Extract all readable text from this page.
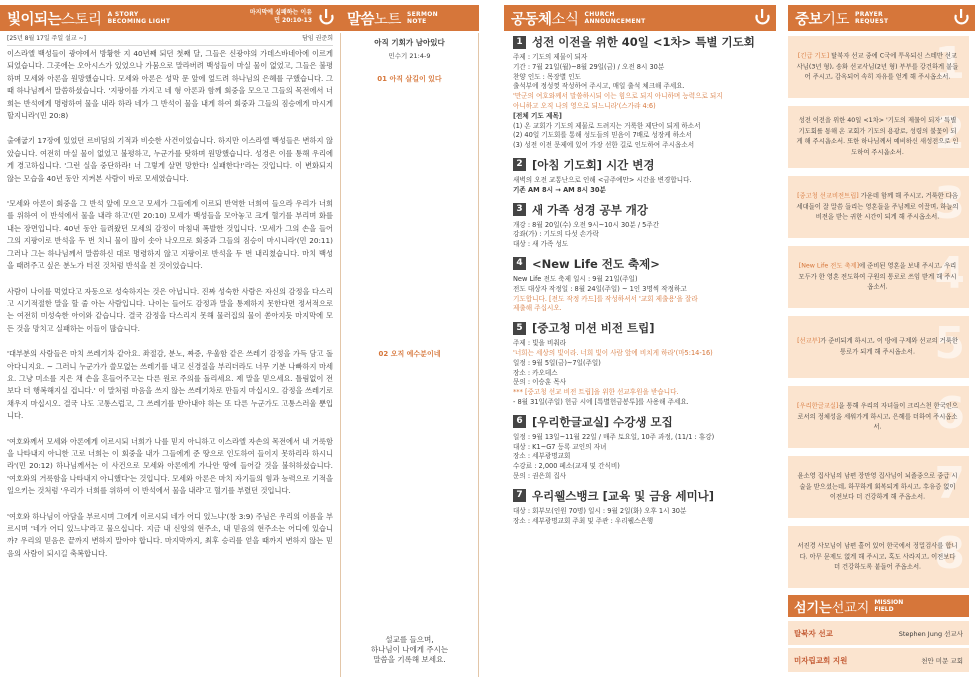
빛이되는스토리 A STORY
BECOMING LIGHT
마지막에 실패하는 이유
민 20:10-13
[25년 8월 17일 주일 설교 ~]	담임 권준희

이스라엘 백성들이 광야에서 방황한 지 40년째 되던 첫째 달, 그들은 신광야의 가데스바네아에 이르게 되었습니다. 그곳에는 오아시스가 있었으나 가뭄으로 말라버려 백성들이 마실 물이 없었고, 그들은 불평하며 모세와 아론을 원망했습니다. 모세와 아론은 성막 문 앞에 엎드려 하나님의 은혜를 구했습니다. 그때 하나님께서 말씀하셨습니다. '지팡이를 가지고 네 형 아론과 함께 회중을 모으고 그들의 목전에서 너희는 반석에게 명령하여 물을 내라 하라 네가 그 반석이 물을 내게 하여 회중과 그들의 짐승에게 마시게 할지니라'(민 20:8)

출애굽기 17장에 있었던 르비딤의 기적과 비슷한 사건이었습니다. 하지만 이스라엘 백성들은 변하지 않았습니다. 여전히 마실 물이 없었고 불평하고, 누군가를 탓하며 원망했습니다. 성경은 이를 통해 우리에게 경고하십니다. '그런 실을 중단하라! 너 그렇게 살면 망한다! 실패한다!'라는 것입니다. 이 변화되지 않는 모습을 40년 동안 지켜본 사람이 바로 모세였습니다.

'모세와 아론이 회중을 그 반석 앞에 모으고 모세가 그들에게 이르되 반역한 너희여 들으라 우리가 너희를 위하여 이 반석에서 물을 내랴 하고'(민 20:10) 모세가 백성들을 모아놓고 크게 혈기를 부리며 화를 내는 장면입니다. 40년 동안 들려왔던 모세의 감정이 마침내 폭발한 것입니다. '모세가 그의 손을 들어 그의 지팡이로 반석을 두 번 치니 물이 많이 솟아 나오므로 회중과 그들의 짐승이 마시니라'(민 20:11) 그러나 그는 하나님께서 말씀하신 대로 명령하지 않고 지팡이로 반석을 두 번 내리쳤습니다. 마치 백성을 때려주고 싶은 분노가 터진 것처럼 반석을 친 것이었습니다.

사람이 나이를 먹었다고 자동으로 성숙하지는 것은 아닙니다. 진짜 성숙한 사람은 자신의 감정을 다스리고 시기적절한 말을 할 줄 아는 사람입니다. 나이는 들어도 감정과 말을 통제하지 못한다면 정서적으로는 여전히 미성숙한 아이와 같습니다. 결국 감정을 다스리지 못해 물러집의 물이 쏟아지듯 마지막에 모든 것을 망치고 실패하는 이들이 많습니다.

'대부분의 사람들은 마치 쓰레기차 같아요. 좌절감, 분노, 짜증, 우울함 같은 쓰레기 감정을 가득 담고 돌아다니지요. ~ 그러니 누군가가 쓸모없는 쓰레기를 내고 신경질을 부리더라도 너무 기분 나빠하지 마세요. 그냥 미소를 지은 채 손을 흔들어주고는 다른 원로 주의를 돌리세요. 제 말을 믿으세요. 틀림없이 전보다 더 행복해지실 겁니다.' 이 말처럼 마음을 쓰지 않는 쓰레기차로 만들지 마십시오. 감정을 쓰레기로 채우지 마십시오. 결국 나도 고통스럽고, 그 쓰레기를 받아내야 하는 또 다른 누군가도 고통스러울 뿐입니다.

'여호와께서 모세와 아론에게 이르시되 너희가 나를 믿지 아니하고 이스라엘 자손의 목전에서 내 거룩함을 나타내지 아니한 고로 너희는 이 회중을 내가 그들에게 준 땅으로 인도하여 들이지 못하리라 하시니라'(민 20:12) 하나님께서는 이 사건으로 모세와 아론에게 가나안 땅에 들어갈 것을 불허하셨습니다. '여호와의 거룩함을 나타내지 아니했다'는 것입니다. 모세와 아론은 마치 자기들의 힘과 능력으로 기적을 일으키는 것처럼 '우리가 너희를 위하여 이 반석에서 물을 내랴'고 혈기를 부렸던 것입니다.

'여호와 하나님이 아담을 부르시며 그에게 이르시되 네가 어디 있느냐'(창 3:9) 주님은 우리의 이름을 부르시며 '네가 어디 있느냐'라고 물으십니다. 지금 내 신앙의 현주소, 내 믿음의 현주소는 어디에 있습니까? 우리의 믿음은 끝까지 변하지 말아야 합니다. 마지막까지, 최후 승리를 얻을 때까지 변하지 않는 믿음의 사람이 되시길 축복합니다.

말씀노트 SERMON
NOTE
아직 기회가 남아있다
민수기 21:4-9
01 아직 살길이 있다
02 오직 예수분이네
설교를 들으며,
하나님이 나에게 주시는
말씀을 기록해 보세요.
공동체소식 CHURCH
ANNOUNCEMENT
1 성전 이전을 위한 40일 <1차> 특별 기도회
주제 : 기도의 제물이 되자
기간 : 7월 21일(월)~8월 29일(금) / 오전 8시 30분
찬양 인도 : 목장별 인도
출석부에 정성껏 작성하여 주시고, 매일 출석 체크해 주세요.
'만군의 여호와께서 말씀하시되 이는 힘으로 되지 아니하며 능력으로 되지
아니하고 오직 나의 영으로 되느니라'(스가랴 4:6)
[전체 기도 제목]
(1) 온 교회가 기도의 제물로 드려지는 거룩한 제단이 되게 하소서
(2) 40일 기도회를 통해 성도들의 믿음이 7배로 성장케 하소서
(3) 성전 이전 문제에 있어 가장 선한 길로 인도하여 주시옵소서
2 [아침 기도회] 시간 변경
새벽의 오전 교통난으로 인해 <금주예만> 시간을 변경합니다.
기존 AM 8시 → AM 8시 30분
3 새 가족 성경 공부 개강
개강 : 8월 20일(수) 오전 9시~10시 30분 / 5주간
강좌(가) : 기도의 다섯 손가락
대상 : 새 가족 성도
4 <New Life 전도 축제>
New Life 전도 축제 일시 : 9월 21일(주일)
전도 대상자 작정일 : 8월 24일(주일) ~ 1인 3명씩 작정하고
기도합니다. [전도 작정 카드]를 작성하셔서 '교회 제출용'을 잘라
제출해 주십시오.
5 [중고청 미션 비전 트립]
주제 : 빛을 비춰라
'너희는 세상의 빛이라. 너희 빛이 사람 앞에 비치게 하라'(마5:14-16)
일정 : 9월 5일(금)~7일(주일)
장소 : 카오데스
문의 : 이승훈 목사
*** [중고청 선교 비전 트립]을 위한 선교후원을 받습니다.
- 8월 31일(주일) 헌금 시에 [특별헌금봉투]를 사용해 주세요.
6 [우리한글교실] 수강생 모집
일정 : 9월 13일~11월 22일 / 매주 토요일, 10주 과정, (11/1 : 휴강)
대상 : K1~G7 등록 교인의 자녀
장소 : 세부광명교회
수강료 : 2,000 페소(교재 및 간식비)
문의 : 권은희 집사
7 우리웰스뱅크 [교육 및 금융 세미나]
대상 : 회부모(인원 70명) 일시 : 9월 2일(화) 오후 1시 30분
장소 : 세부광명교회 주최 및 주관 : 우리웰스은행
중보기도 PRAYER
REQUEST
1
[긴급 기도] 탈북자 선교 중에 C국에 투옥되신 스테반 선교사님(3년 형), 송화 선교사님(2년 형) 부부를 강건하게 붙들어 주시고, 감옥되어 속히 자유를 얻게 해 주시옵소서.
2
성전 이전을 위한 40일 <1차> '기도의 제물이 되자' 특별 기도회를 통해 온 교회가 기도의 용광로, 성령의 불꽃이 되게 해 주시옵소서. 또한 하나님께서 예비하신 새성전으로 인도하여 주시옵소서.
3
[중고청 선교비전트립] 가운데 함께 해 주시고, 거룩한 다음 세대들이 잘 말씀 들리는 영혼들을 주님께로 이끌며, 하늘의 비전을 받는 귀한 시간이 되게 해 주시옵소서.
4
[New Life 전도 축제]에 준비된 영혼을 보내 주시고, 우리 모두가 한 영혼 전도하여 구원의 통로로 쓰임 받게 해 주시옵소서.
5
[선교부]가 준비되게 하시고, 이 땅에 구제와 선교의 거룩한 통로가 되게 해 주시옵소서.
6
[우리한글교실]을 통해 우리의 자녀들이 크리스천 한국인으로서의 정체성을 세워가게 하시고, 은혜를 더하여 주시옵소서.
7
윤소영 집사님의 남편 장만영 집사님이 뇌졸중으로 중급 시술을 받으셨는데, 하꾸하게 회복되게 하시고, 후유증 없이 이전보다 더 건강하게 해 주옵소서.
8
서진경 사모님이 남편 홀어 있어 한국에서 정밀검사를 합니다. 아무 문제도 없게 해 주시고, 혹도 사라지고, 이전보다 더 건강하도록 붙들어 주옵소서.
섬기는선교지 MISSION
FIELD
탈북자 선교	Stephen Jung 선교사
미자립교회 지원	천안 미문 교회
